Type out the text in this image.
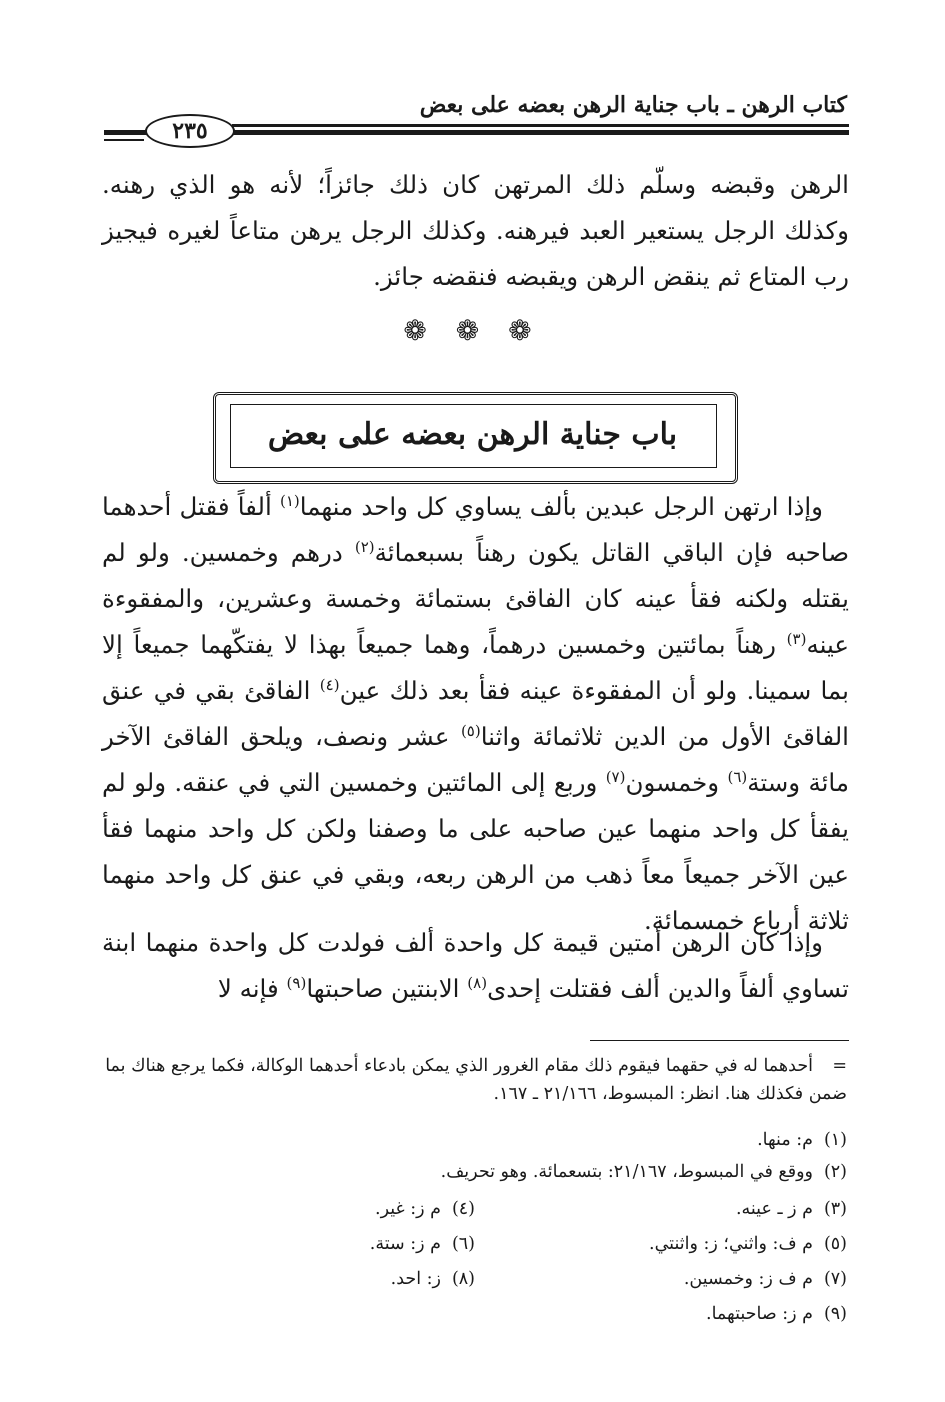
كتاب الرهن ـ باب جناية الرهن بعضه على بعض
٢٣٥

الرهن وقبضه وسلّم ذلك المرتهن كان ذلك جائزاً؛ لأنه هو الذي رهنه. وكذلك الرجل يستعير العبد فيرهنه. وكذلك الرجل يرهن متاعاً لغيره فيجيز رب المتاع ثم ينقض الرهن ويقبضه فنقضه جائز.

❁ ❁ ❁
باب جناية الرهن بعضه على بعض

وإذا ارتهن الرجل عبدين بألف يساوي كل واحد منهما$^{(١)}$ ألفاً فقتل أحدهما صاحبه فإن الباقي القاتل يكون رهناً بسبعمائة$^{(٢)}$ درهم وخمسين. ولو لم يقتله ولكنه فقأ عينه كان الفاقئ بستمائة وخمسة وعشرين، والمفقوءة عينه$^{(٣)}$ رهناً بمائتين وخمسين درهماً، وهما جميعاً بهذا لا يفتكّهما جميعاً إلا بما سمينا. ولو أن المفقوءة عينه فقأ بعد ذلك عين$^{(٤)}$ الفاقئ بقي في عنق الفاقئ الأول من الدين ثلاثمائة واثنا$^{(٥)}$ عشر ونصف، ويلحق الفاقئ الآخر مائة وستة$^{(٦)}$ وخمسون$^{(٧)}$ وربع إلى المائتين وخمسين التي في عنقه. ولو لم يفقأ كل واحد منهما عين صاحبه على ما وصفنا ولكن كل واحد منهما فقأ عين الآخر جميعاً معاً ذهب من الرهن ربعه، وبقي في عنق كل واحد منهما ثلاثة أرباع خمسمائة.

وإذا كان الرهن أمتين قيمة كل واحدة ألف فولدت كل واحدة منهما ابنة تساوي ألفاً والدين ألف فقتلت إحدى$^{(٨)}$ الابنتين صاحبتها$^{(٩)}$ فإنه لا

=أحدهما له في حقهما فيقوم ذلك مقام الغرور الذي يمكن بادعاء أحدهما الوكالة، فكما يرجع هناك بما ضمن فكذلك هنا. انظر: المبسوط، ٢١/١٦٦ ـ ١٦٧.
(١)م: منها.
(٢)ووقع في المبسوط، ٢١/١٦٧: بتسعمائة. وهو تحريف.
(٣)م ز ـ عينه.
(٤)م ز: غير.
(٥)م ف: واثني؛ ز: واثنتي.
(٦)م ز: ستة.
(٧)م ف ز: وخمسين.
(٨)ز: احد.
(٩)م ز: صاحبتهما.
